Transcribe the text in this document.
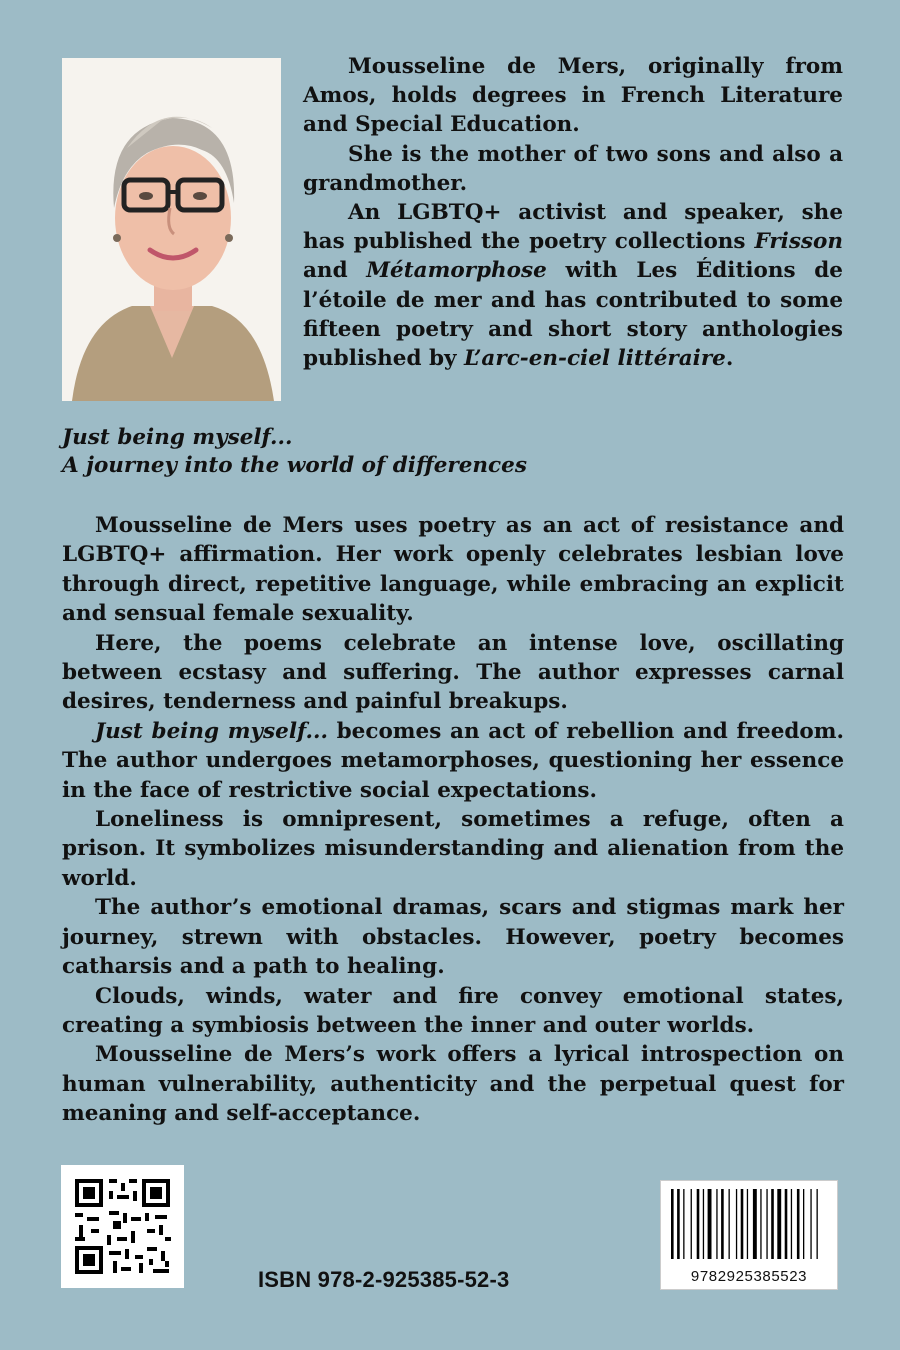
Mousseline de Mers, originally from Amos, holds degrees in French Literature and Special Education.

She is the mother of two sons and also a grandmother.

An LGBTQ+ activist and speaker, she has published the poetry collections Frisson and Métamorphose with Les Éditions de l’étoile de mer and has contributed to some fifteen poetry and short story anthologies published by L’arc-en-ciel littéraire.

Just being myself...
A journey into the world of differences

Mousseline de Mers uses poetry as an act of resistance and LGBTQ+ affirmation. Her work openly celebrates lesbian love through direct, repetitive language, while embracing an explicit and sensual female sexuality.

Here, the poems celebrate an intense love, oscillating between ecstasy and suffering. The author expresses carnal desires, tenderness and painful breakups.

Just being myself... becomes an act of rebellion and freedom. The author undergoes metamorphoses, questioning her essence in the face of restrictive social expectations.

Loneliness is omnipresent, sometimes a refuge, often a prison. It symbolizes misunderstanding and alienation from the world.

The author’s emotional dramas, scars and stigmas mark her journey, strewn with obstacles. However, poetry becomes catharsis and a path to healing.

Clouds, winds, water and fire convey emotional states, creating a symbiosis between the inner and outer worlds.

Mousseline de Mers’s work offers a lyrical introspection on human vulnerability, authenticity and the perpetual quest for meaning and self-acceptance.

ISBN 978-2-925385-52-3	9782925385523
